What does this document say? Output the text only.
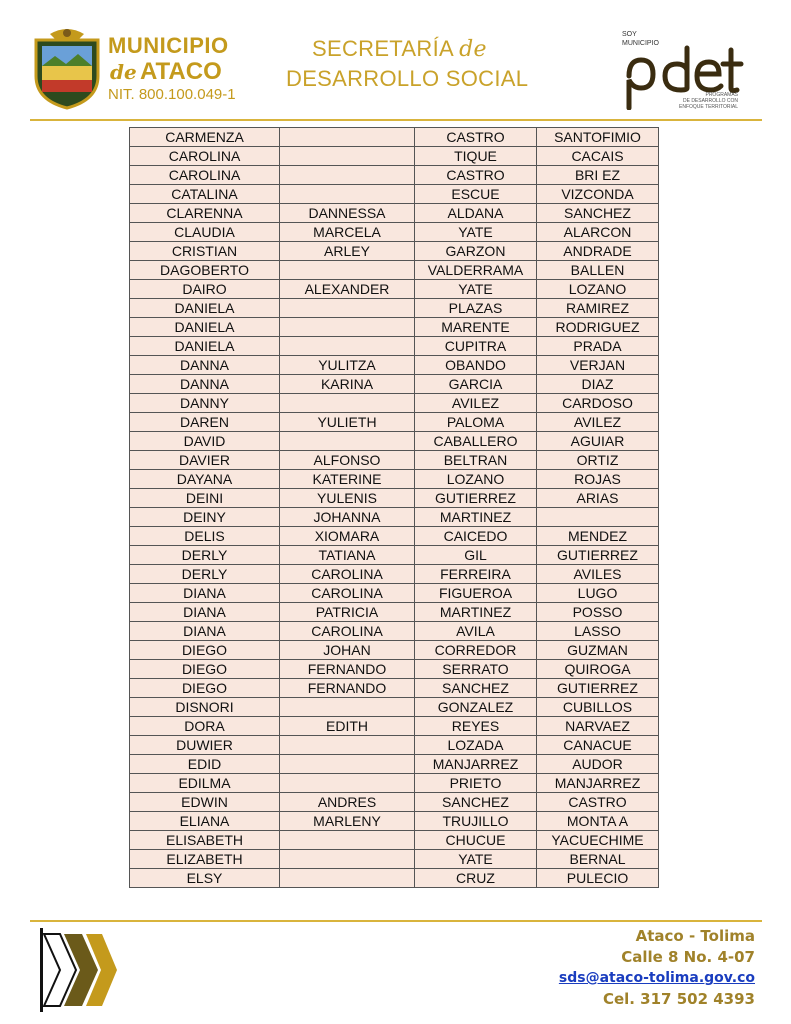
MUNICIPIO
de ATACO
NIT. 800.100.049-1
SECRETARÍA de
DESARROLLO SOCIAL
SOY
MUNICIPIO
PROGRAMAS
DE DESARROLLO CON
ENFOQUE TERRITORIAL
CARMENZA		CASTRO	SANTOFIMIO
CAROLINA		TIQUE	CACAIS
CAROLINA		CASTRO	BRI EZ
CATALINA		ESCUE	VIZCONDA
CLARENNA	DANNESSA	ALDANA	SANCHEZ
CLAUDIA	MARCELA	YATE	ALARCON
CRISTIAN	ARLEY	GARZON	ANDRADE
DAGOBERTO		VALDERRAMA	BALLEN
DAIRO	ALEXANDER	YATE	LOZANO
DANIELA		PLAZAS	RAMIREZ
DANIELA		MARENTE	RODRIGUEZ
DANIELA		CUPITRA	PRADA
DANNA	YULITZA	OBANDO	VERJAN
DANNA	KARINA	GARCIA	DIAZ
DANNY		AVILEZ	CARDOSO
DAREN	YULIETH	PALOMA	AVILEZ
DAVID		CABALLERO	AGUIAR
DAVIER	ALFONSO	BELTRAN	ORTIZ
DAYANA	KATERINE	LOZANO	ROJAS
DEINI	YULENIS	GUTIERREZ	ARIAS
DEINY	JOHANNA	MARTINEZ	
DELIS	XIOMARA	CAICEDO	MENDEZ
DERLY	TATIANA	GIL	GUTIERREZ
DERLY	CAROLINA	FERREIRA	AVILES
DIANA	CAROLINA	FIGUEROA	LUGO
DIANA	PATRICIA	MARTINEZ	POSSO
DIANA	CAROLINA	AVILA	LASSO
DIEGO	JOHAN	CORREDOR	GUZMAN
DIEGO	FERNANDO	SERRATO	QUIROGA
DIEGO	FERNANDO	SANCHEZ	GUTIERREZ
DISNORI		GONZALEZ	CUBILLOS
DORA	EDITH	REYES	NARVAEZ
DUWIER		LOZADA	CANACUE
EDID		MANJARREZ	AUDOR
EDILMA		PRIETO	MANJARREZ
EDWIN	ANDRES	SANCHEZ	CASTRO
ELIANA	MARLENY	TRUJILLO	MONTA A
ELISABETH		CHUCUE	YACUECHIME
ELIZABETH		YATE	BERNAL
ELSY		CRUZ	PULECIO
Ataco - Tolima
Calle 8 No. 4-07
sds@ataco-tolima.gov.co
Cel. 317 502 4393
